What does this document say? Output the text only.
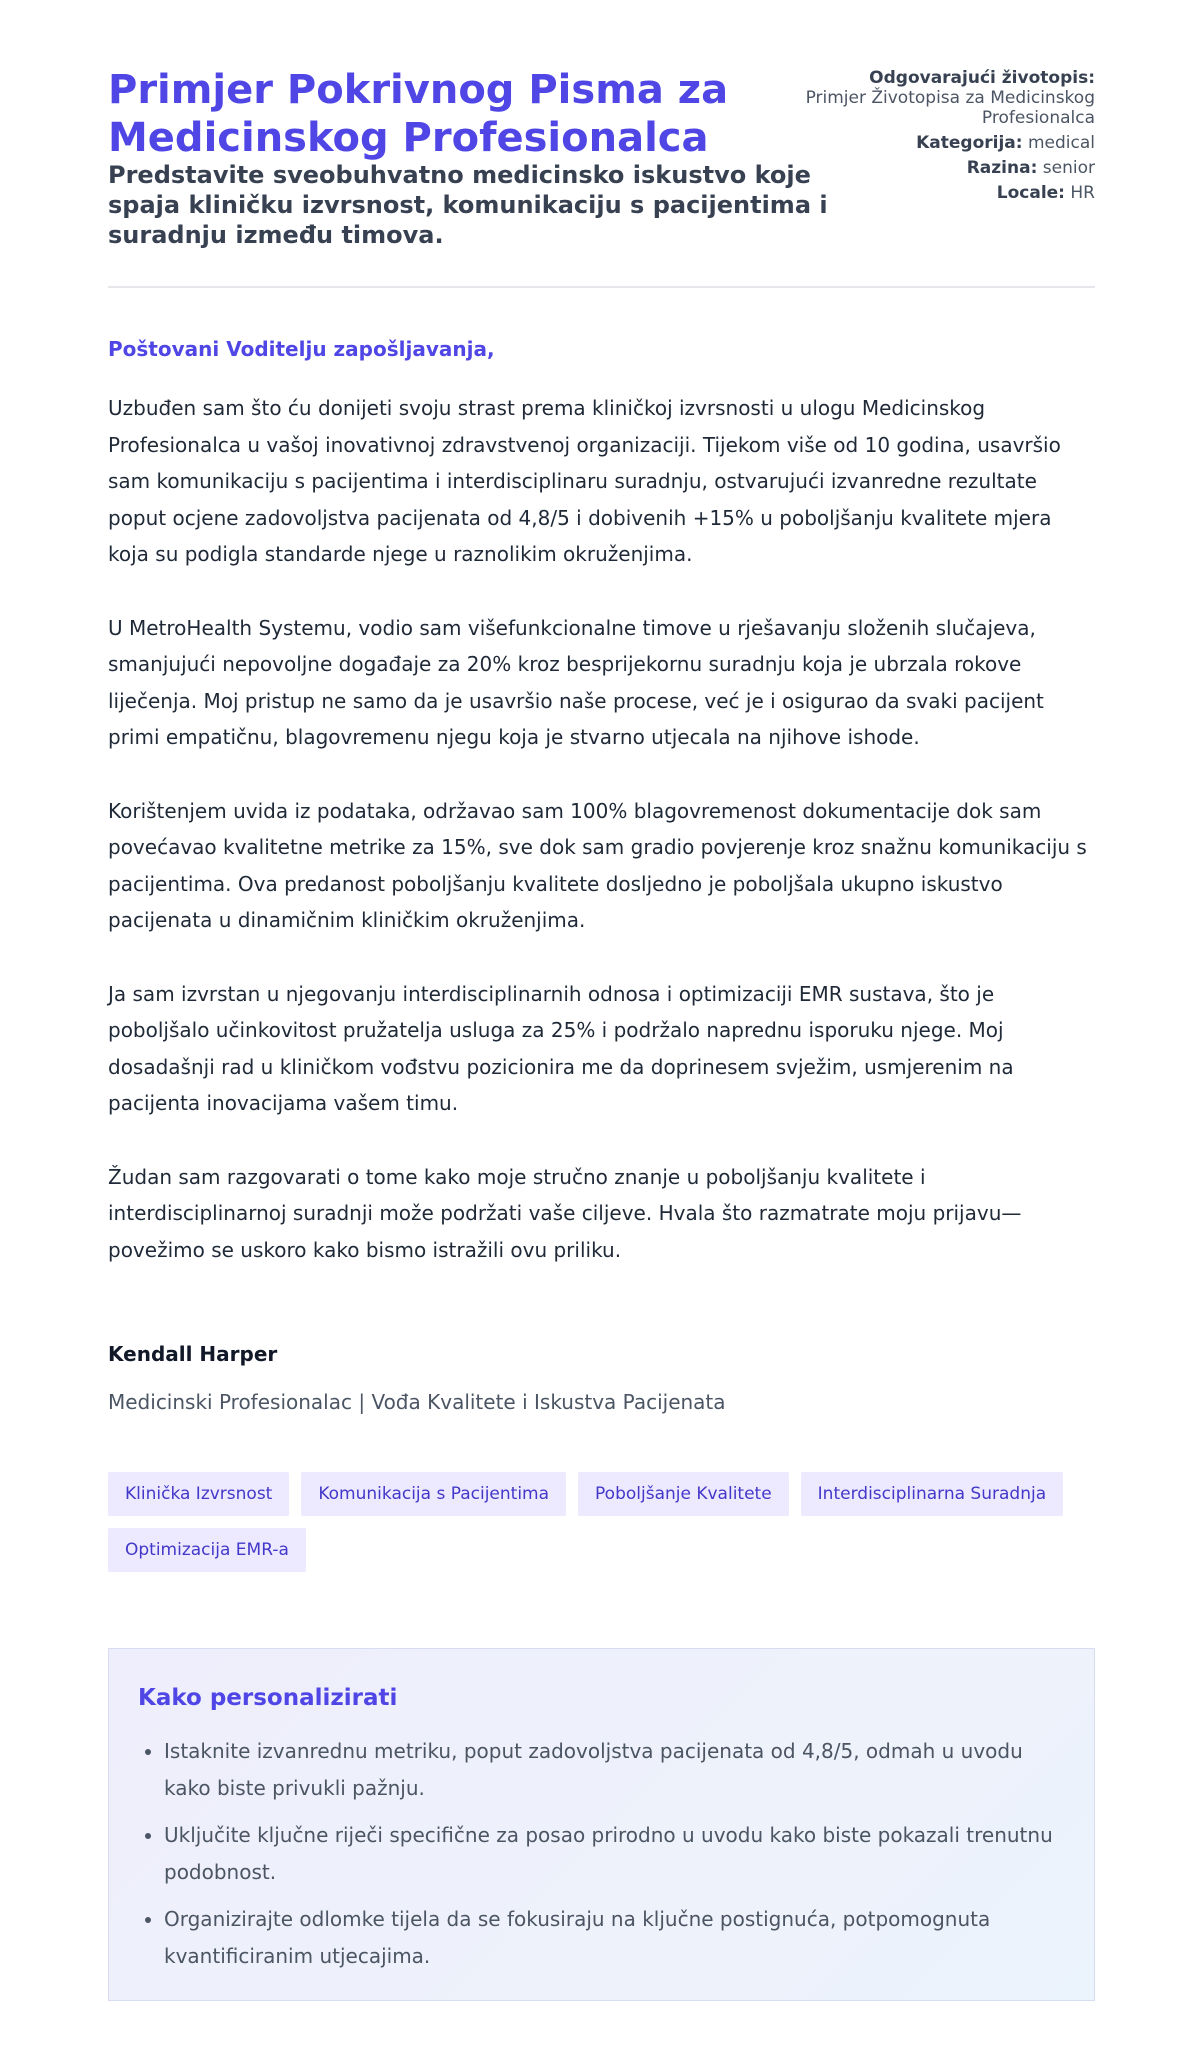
Primjer Pokrivnog Pisma za Medicinskog Profesionalca

Predstavite sveobuhvatno medicinsko iskustvo koje spaja kliničku izvrsnost, komunikaciju s pacijentima i suradnju između timova.

Odgovarajući životopis:
Primjer Životopisa za Medicinskog Profesionalca
Kategorija: medical
Razina: senior
Locale: HR

Poštovani Voditelju zapošljavanja,

Uzbuđen sam što ću donijeti svoju strast prema kliničkoj izvrsnosti u ulogu Medicinskog Profesionalca u vašoj inovativnoj zdravstvenoj organizaciji. Tijekom više od 10 godina, usavršio sam komunikaciju s pacijentima i interdisciplinaru suradnju, ostvarujući izvanredne rezultate poput ocjene zadovoljstva pacijenata od 4,8/5 i dobivenih +15% u poboljšanju kvalitete mjera koja su podigla standarde njege u raznolikim okruženjima.

U MetroHealth Systemu, vodio sam višefunkcionalne timove u rješavanju složenih slučajeva, smanjujući nepovoljne događaje za 20% kroz besprijekornu suradnju koja je ubrzala rokove liječenja. Moj pristup ne samo da je usavršio naše procese, već je i osigurao da svaki pacijent primi empatičnu, blagovremenu njegu koja je stvarno utjecala na njihove ishode.

Korištenjem uvida iz podataka, održavao sam 100% blagovremenost dokumentacije dok sam povećavao kvalitetne metrike za 15%, sve dok sam gradio povjerenje kroz snažnu komunikaciju s pacijentima. Ova predanost poboljšanju kvalitete dosljedno je poboljšala ukupno iskustvo pacijenata u dinamičnim kliničkim okruženjima.

Ja sam izvrstan u njegovanju interdisciplinarnih odnosa i optimizaciji EMR sustava, što je poboljšalo učinkovitost pružatelja usluga za 25% i podržalo naprednu isporuku njege. Moj dosadašnji rad u kliničkom vođstvu pozicionira me da doprinesem svježim, usmjerenim na pacijenta inovacijama vašem timu.

Žudan sam razgovarati o tome kako moje stručno znanje u poboljšanju kvalitete i interdisciplinarnoj suradnji može podržati vaše ciljeve. Hvala što razmatrate moju prijavu—povežimo se uskoro kako bismo istražili ovu priliku.

Kendall Harper
Medicinski Profesionalac | Vođa Kvalitete i Iskustva Pacijenata
Klinička Izvrsnost	Komunikacija s Pacijentima	Poboljšanje Kvalitete	Interdisciplinarna Suradnja
Optimizacija EMR-a
Kako personalizirati
• Istaknite izvanrednu metriku, poput zadovoljstva pacijenata od 4,8/5, odmah u uvodu kako biste privukli pažnju.
• Uključite ključne riječi specifične za posao prirodno u uvodu kako biste pokazali trenutnu podobnost.
• Organizirajte odlomke tijela da se fokusiraju na ključne postignuća, potpomognuta kvantificiranim utjecajima.
